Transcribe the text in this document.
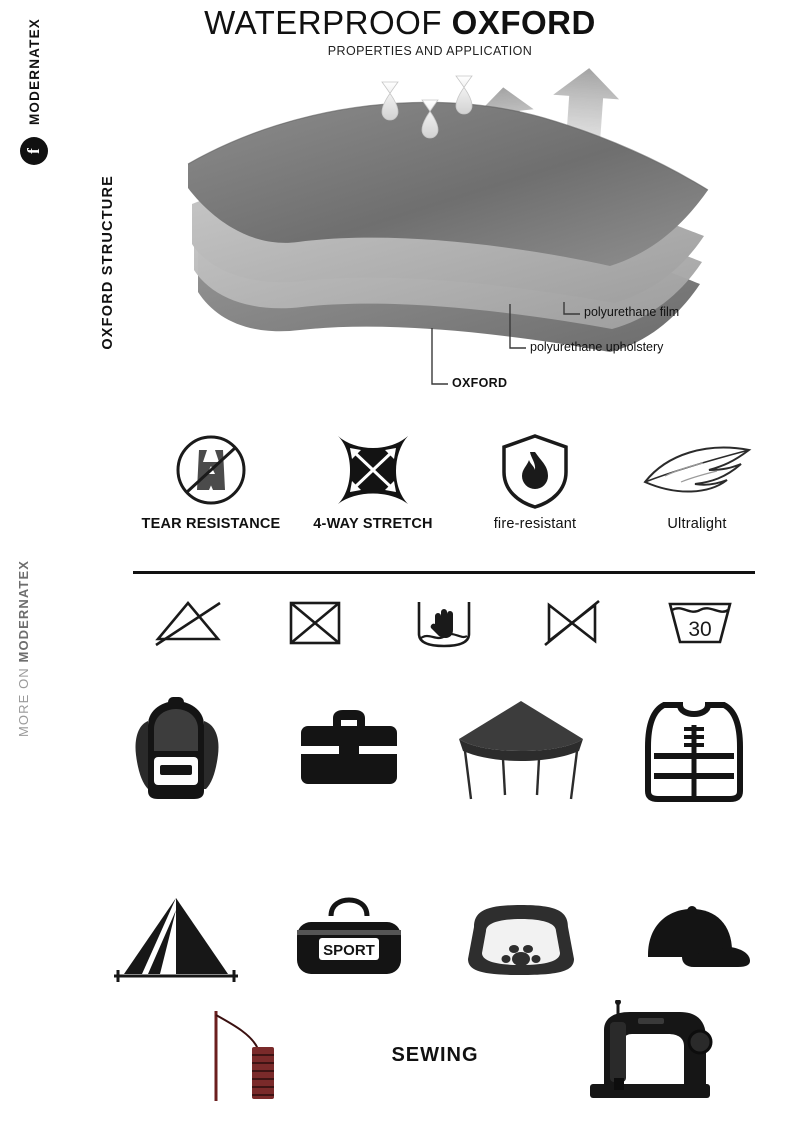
WATERPROOF OXFORD
PROPERTIES AND APPLICATION
MODERNATEX
f
MORE ON MODERNATEX
OXFORD STRUCTURE	polyurethane film
polyurethane upholstery
OXFORD
TEAR RESISTANCE	4-WAY STRETCH	fire-resistant	Ultralight
30
SPORT
SEWING
